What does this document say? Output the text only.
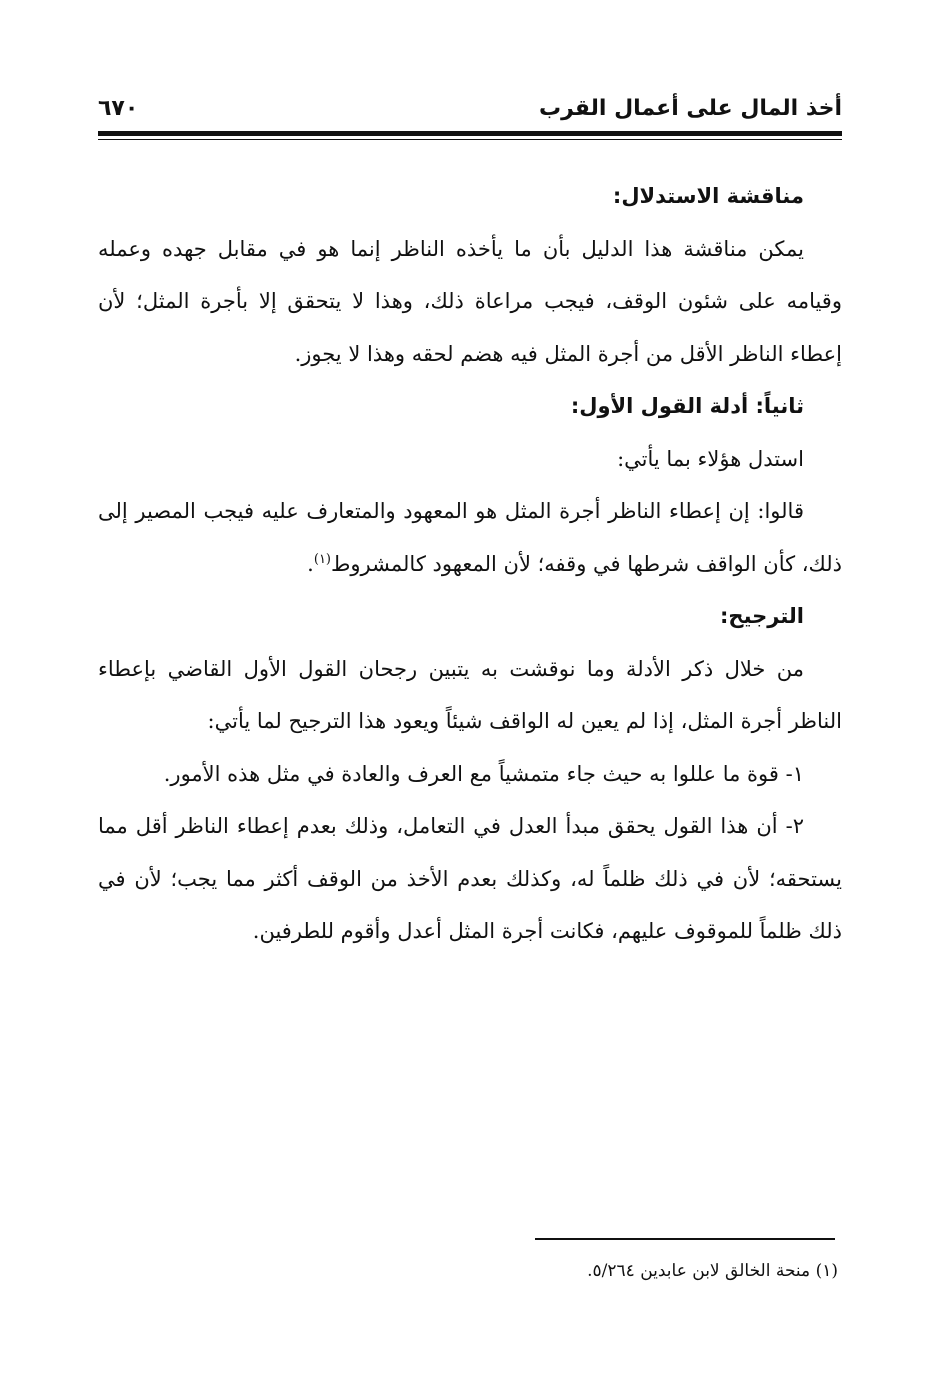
أخذ المال على أعمال القرب
٦٧٠

مناقشة الاستدلال:

يمكن مناقشة هذا الدليل بأن ما يأخذه الناظر إنما هو في مقابل جهده وعمله وقيامه على شئون الوقف، فيجب مراعاة ذلك، وهذا لا يتحقق إلا بأجرة المثل؛ لأن إعطاء الناظر الأقل من أجرة المثل فيه هضم لحقه وهذا لا يجوز.

ثانياً: أدلة القول الأول:

استدل هؤلاء بما يأتي:

قالوا: إن إعطاء الناظر أجرة المثل هو المعهود والمتعارف عليه فيجب المصير إلى ذلك، كأن الواقف شرطها في وقفه؛ لأن المعهود كالمشروط$^{(١)}$.

الترجيح:

من خلال ذكر الأدلة وما نوقشت به يتبين رجحان القول الأول القاضي بإعطاء الناظر أجرة المثل، إذا لم يعين له الواقف شيئاً ويعود هذا الترجيح لما يأتي:

١- قوة ما عللوا به حيث جاء متمشياً مع العرف والعادة في مثل هذه الأمور.

٢- أن هذا القول يحقق مبدأ العدل في التعامل، وذلك بعدم إعطاء الناظر أقل مما يستحقه؛ لأن في ذلك ظلماً له، وكذلك بعدم الأخذ من الوقف أكثر مما يجب؛ لأن في ذلك ظلماً للموقوف عليهم، فكانت أجرة المثل أعدل وأقوم للطرفين.

(١) منحة الخالق لابن عابدين ٥/٢٦٤.
